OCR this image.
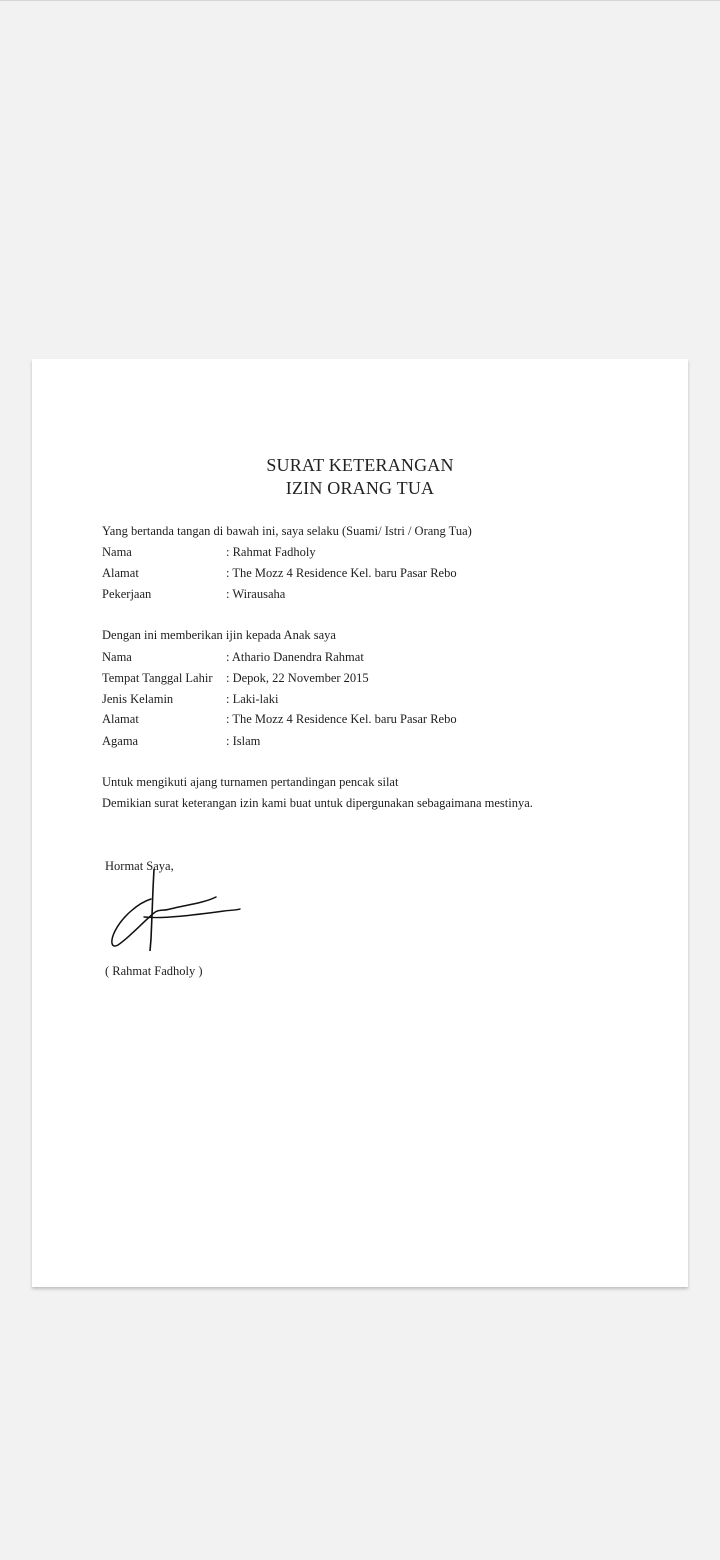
SURAT KETERANGAN
IZIN ORANG TUA
Yang bertanda tangan di bawah ini, saya selaku (Suami/ Istri / Orang Tua)
Nama	: Rahmat Fadholy
Alamat	: The Mozz 4 Residence Kel. baru Pasar Rebo
Pekerjaan	: Wirausaha
Dengan ini memberikan ijin kepada Anak saya
Nama	: Athario Danendra Rahmat
Tempat Tanggal Lahir : Depok, 22 November 2015
Jenis Kelamin	: Laki-laki
Alamat	: The Mozz 4 Residence Kel. baru Pasar Rebo
Agama	: Islam
Untuk mengikuti ajang turnamen pertandingan pencak silat
Demikian surat keterangan izin kami buat untuk dipergunakan sebagaimana mestinya.
Hormat Saya,
( Rahmat Fadholy )
